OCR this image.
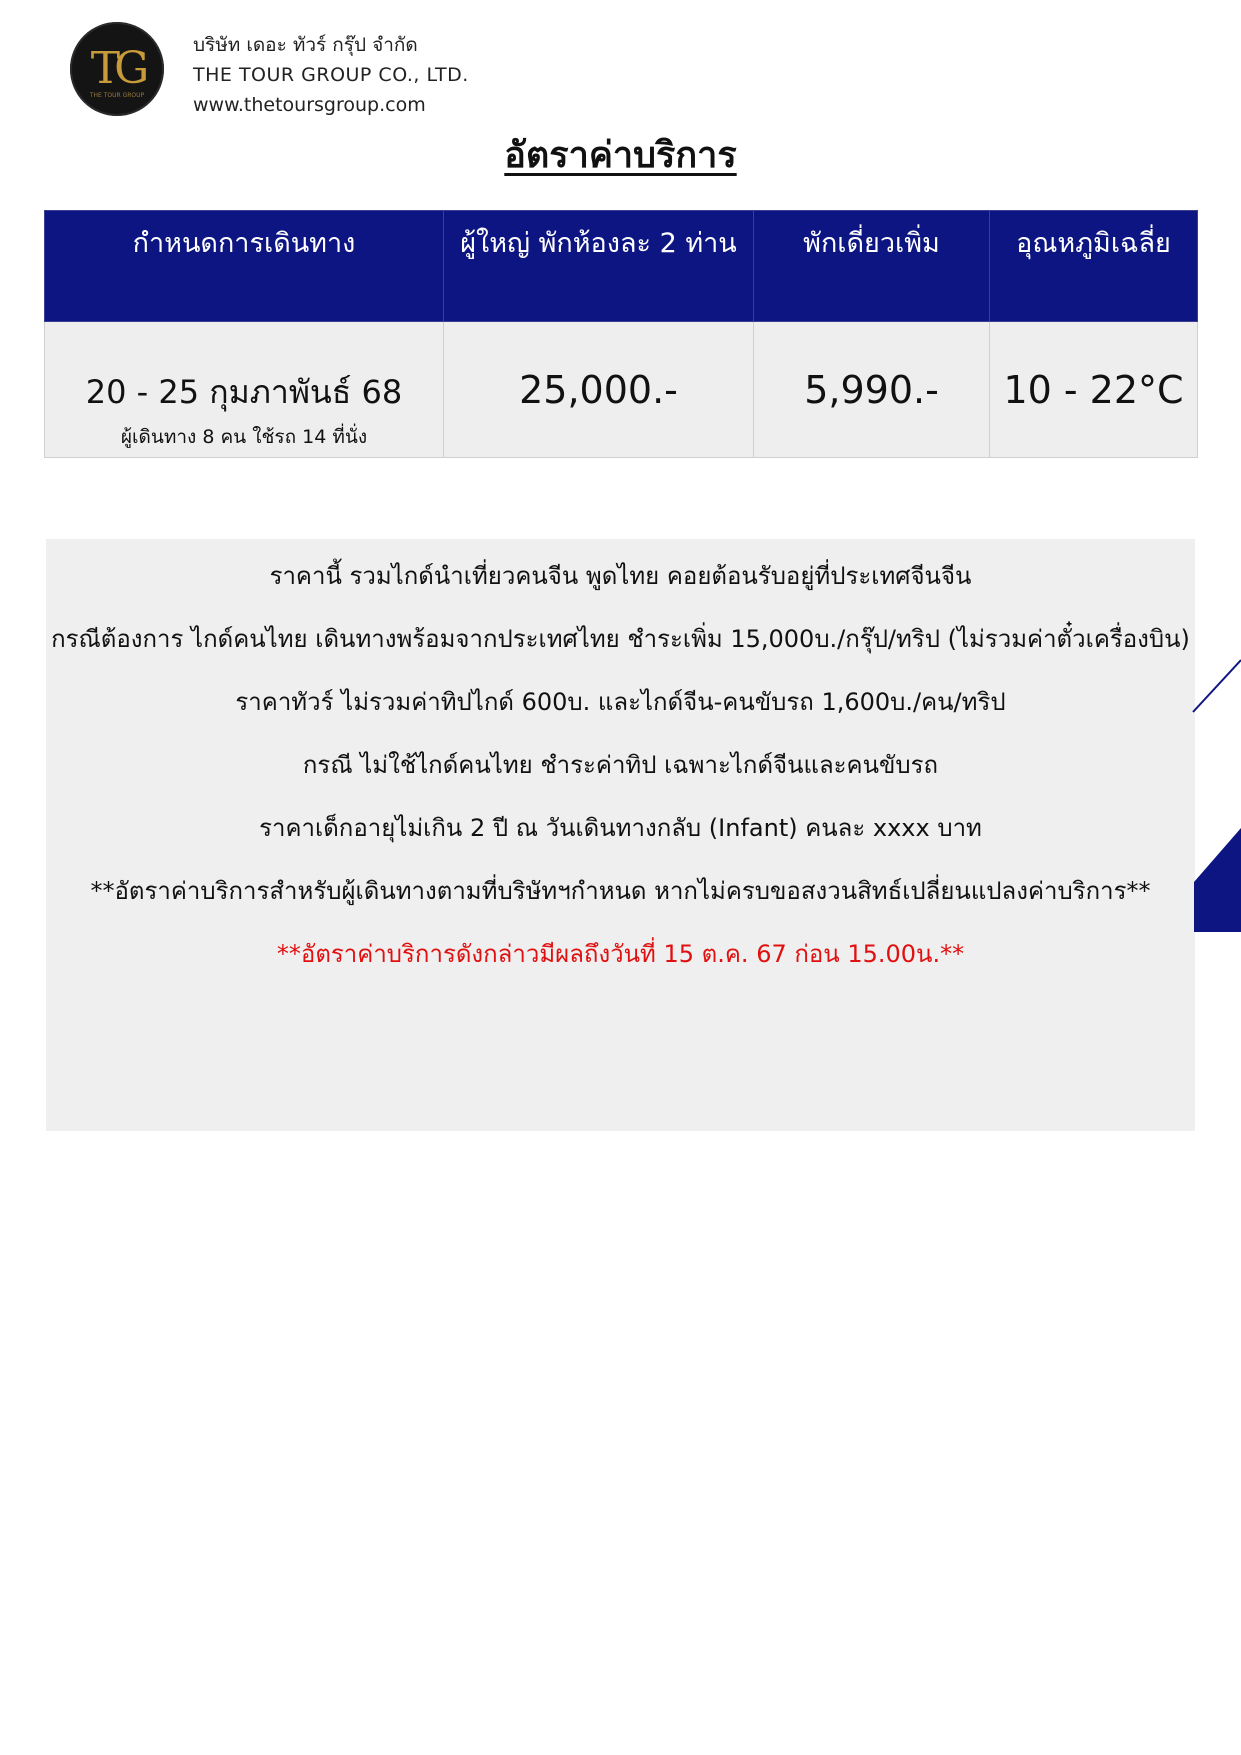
TG
THE TOUR GROUP
บริษัท เดอะ ทัวร์ กรุ๊ป จำกัด
THE TOUR GROUP CO., LTD.
www.thetoursgroup.com
อัตราค่าบริการ
กำหนดการเดินทาง	ผู้ใหญ่ พักห้องละ 2 ท่าน	พักเดี่ยวเพิ่ม	อุณหภูมิเฉลี่ย

20 - 25 กุมภาพันธ์ 68
ผู้เดินทาง 8 คน ใช้รถ 14 ที่นั่ง	25,000.-	5,990.-	10 - 22°C

ราคานี้ รวมไกด์นำเที่ยวคนจีน พูดไทย คอยต้อนรับอยู่ที่ประเทศจีนจีน

กรณีต้องการ ไกด์คนไทย เดินทางพร้อมจากประเทศไทย ชำระเพิ่ม 15,000บ./กรุ๊ป/ทริป (ไม่รวมค่าตั๋วเครื่องบิน)

ราคาทัวร์ ไม่รวมค่าทิปไกด์ 600บ. และไกด์จีน-คนขับรถ 1,600บ./คน/ทริป

กรณี ไม่ใช้ไกด์คนไทย ชำระค่าทิป เฉพาะไกด์จีนและคนขับรถ

ราคาเด็กอายุไม่เกิน 2 ปี ณ วันเดินทางกลับ (Infant) คนละ xxxx บาท

**อัตราค่าบริการสำหรับผู้เดินทางตามที่บริษัทฯกำหนด หากไม่ครบขอสงวนสิทธ์เปลี่ยนแปลงค่าบริการ**

**อัตราค่าบริการดังกล่าวมีผลถึงวันที่ 15 ต.ค. 67 ก่อน 15.00น.**
